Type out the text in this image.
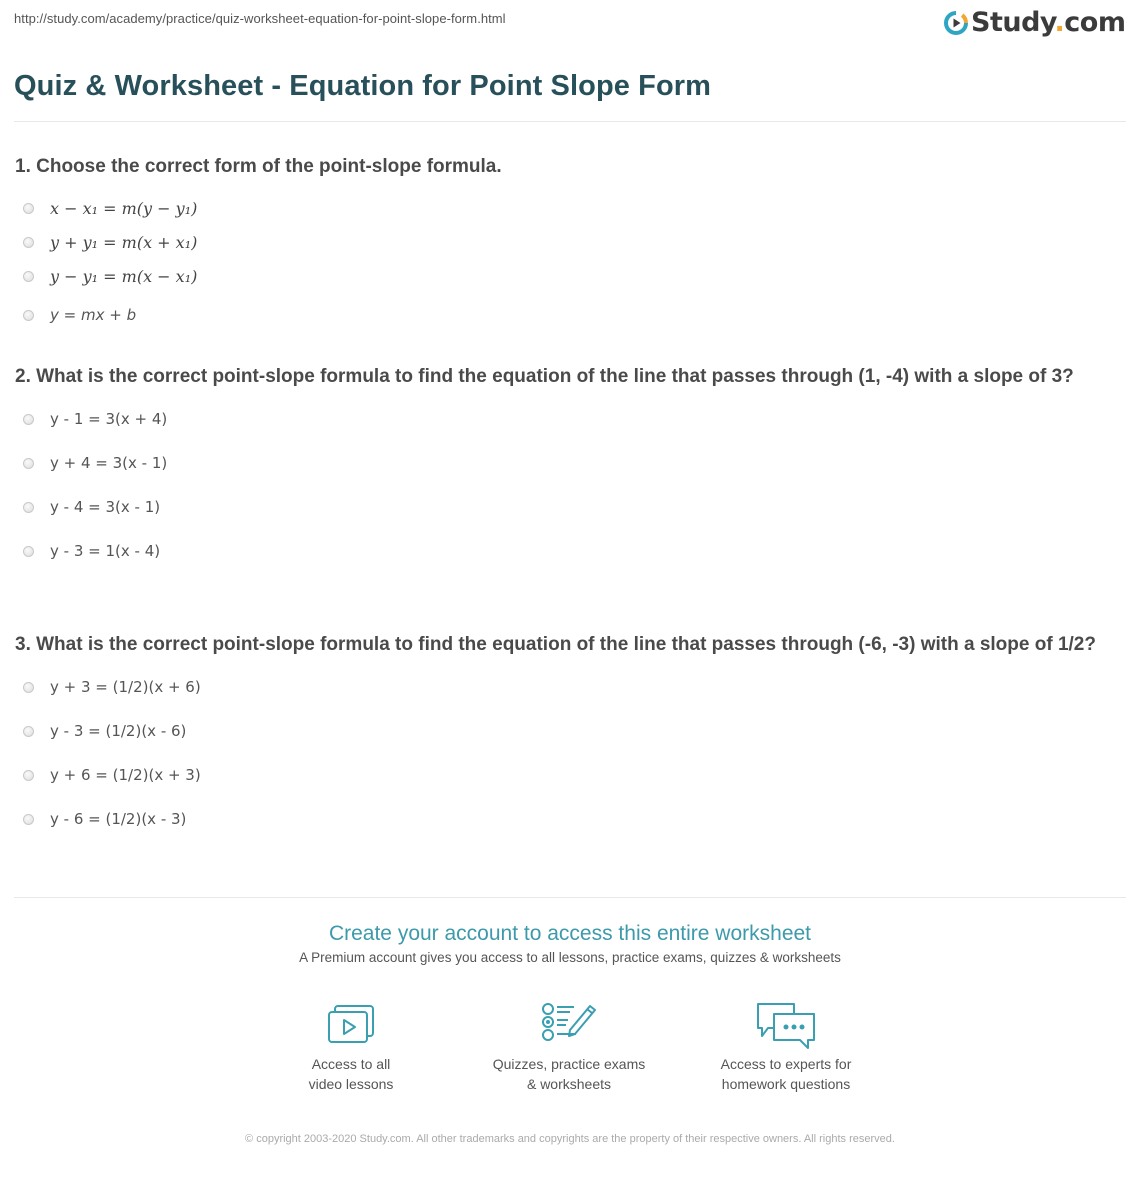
http://study.com/academy/practice/quiz-worksheet-equation-for-point-slope-form.html	Study.com
Quiz & Worksheet - Equation for Point Slope Form
1. Choose the correct form of the point-slope formula.
x − x₁ = m(y − y₁)
y + y₁ = m(x + x₁)
y − y₁ = m(x − x₁)
y = mx + b
2. What is the correct point-slope formula to find the equation of the line that passes through (1, -4) with a slope of 3?
y - 1 = 3(x + 4)
y + 4 = 3(x - 1)
y - 4 = 3(x - 1)
y - 3 = 1(x - 4)
3. What is the correct point-slope formula to find the equation of the line that passes through (-6, -3) with a slope of 1/2?
y + 3 = (1/2)(x + 6)
y - 3 = (1/2)(x - 6)
y + 6 = (1/2)(x + 3)
y - 6 = (1/2)(x - 3)
Create your account to access this entire worksheet
A Premium account gives you access to all lessons, practice exams, quizzes & worksheets
Access to all
video lessons
Quizzes, practice exams
& worksheets
Access to experts for
homework questions
© copyright 2003-2020 Study.com. All other trademarks and copyrights are the property of their respective owners. All rights reserved.
